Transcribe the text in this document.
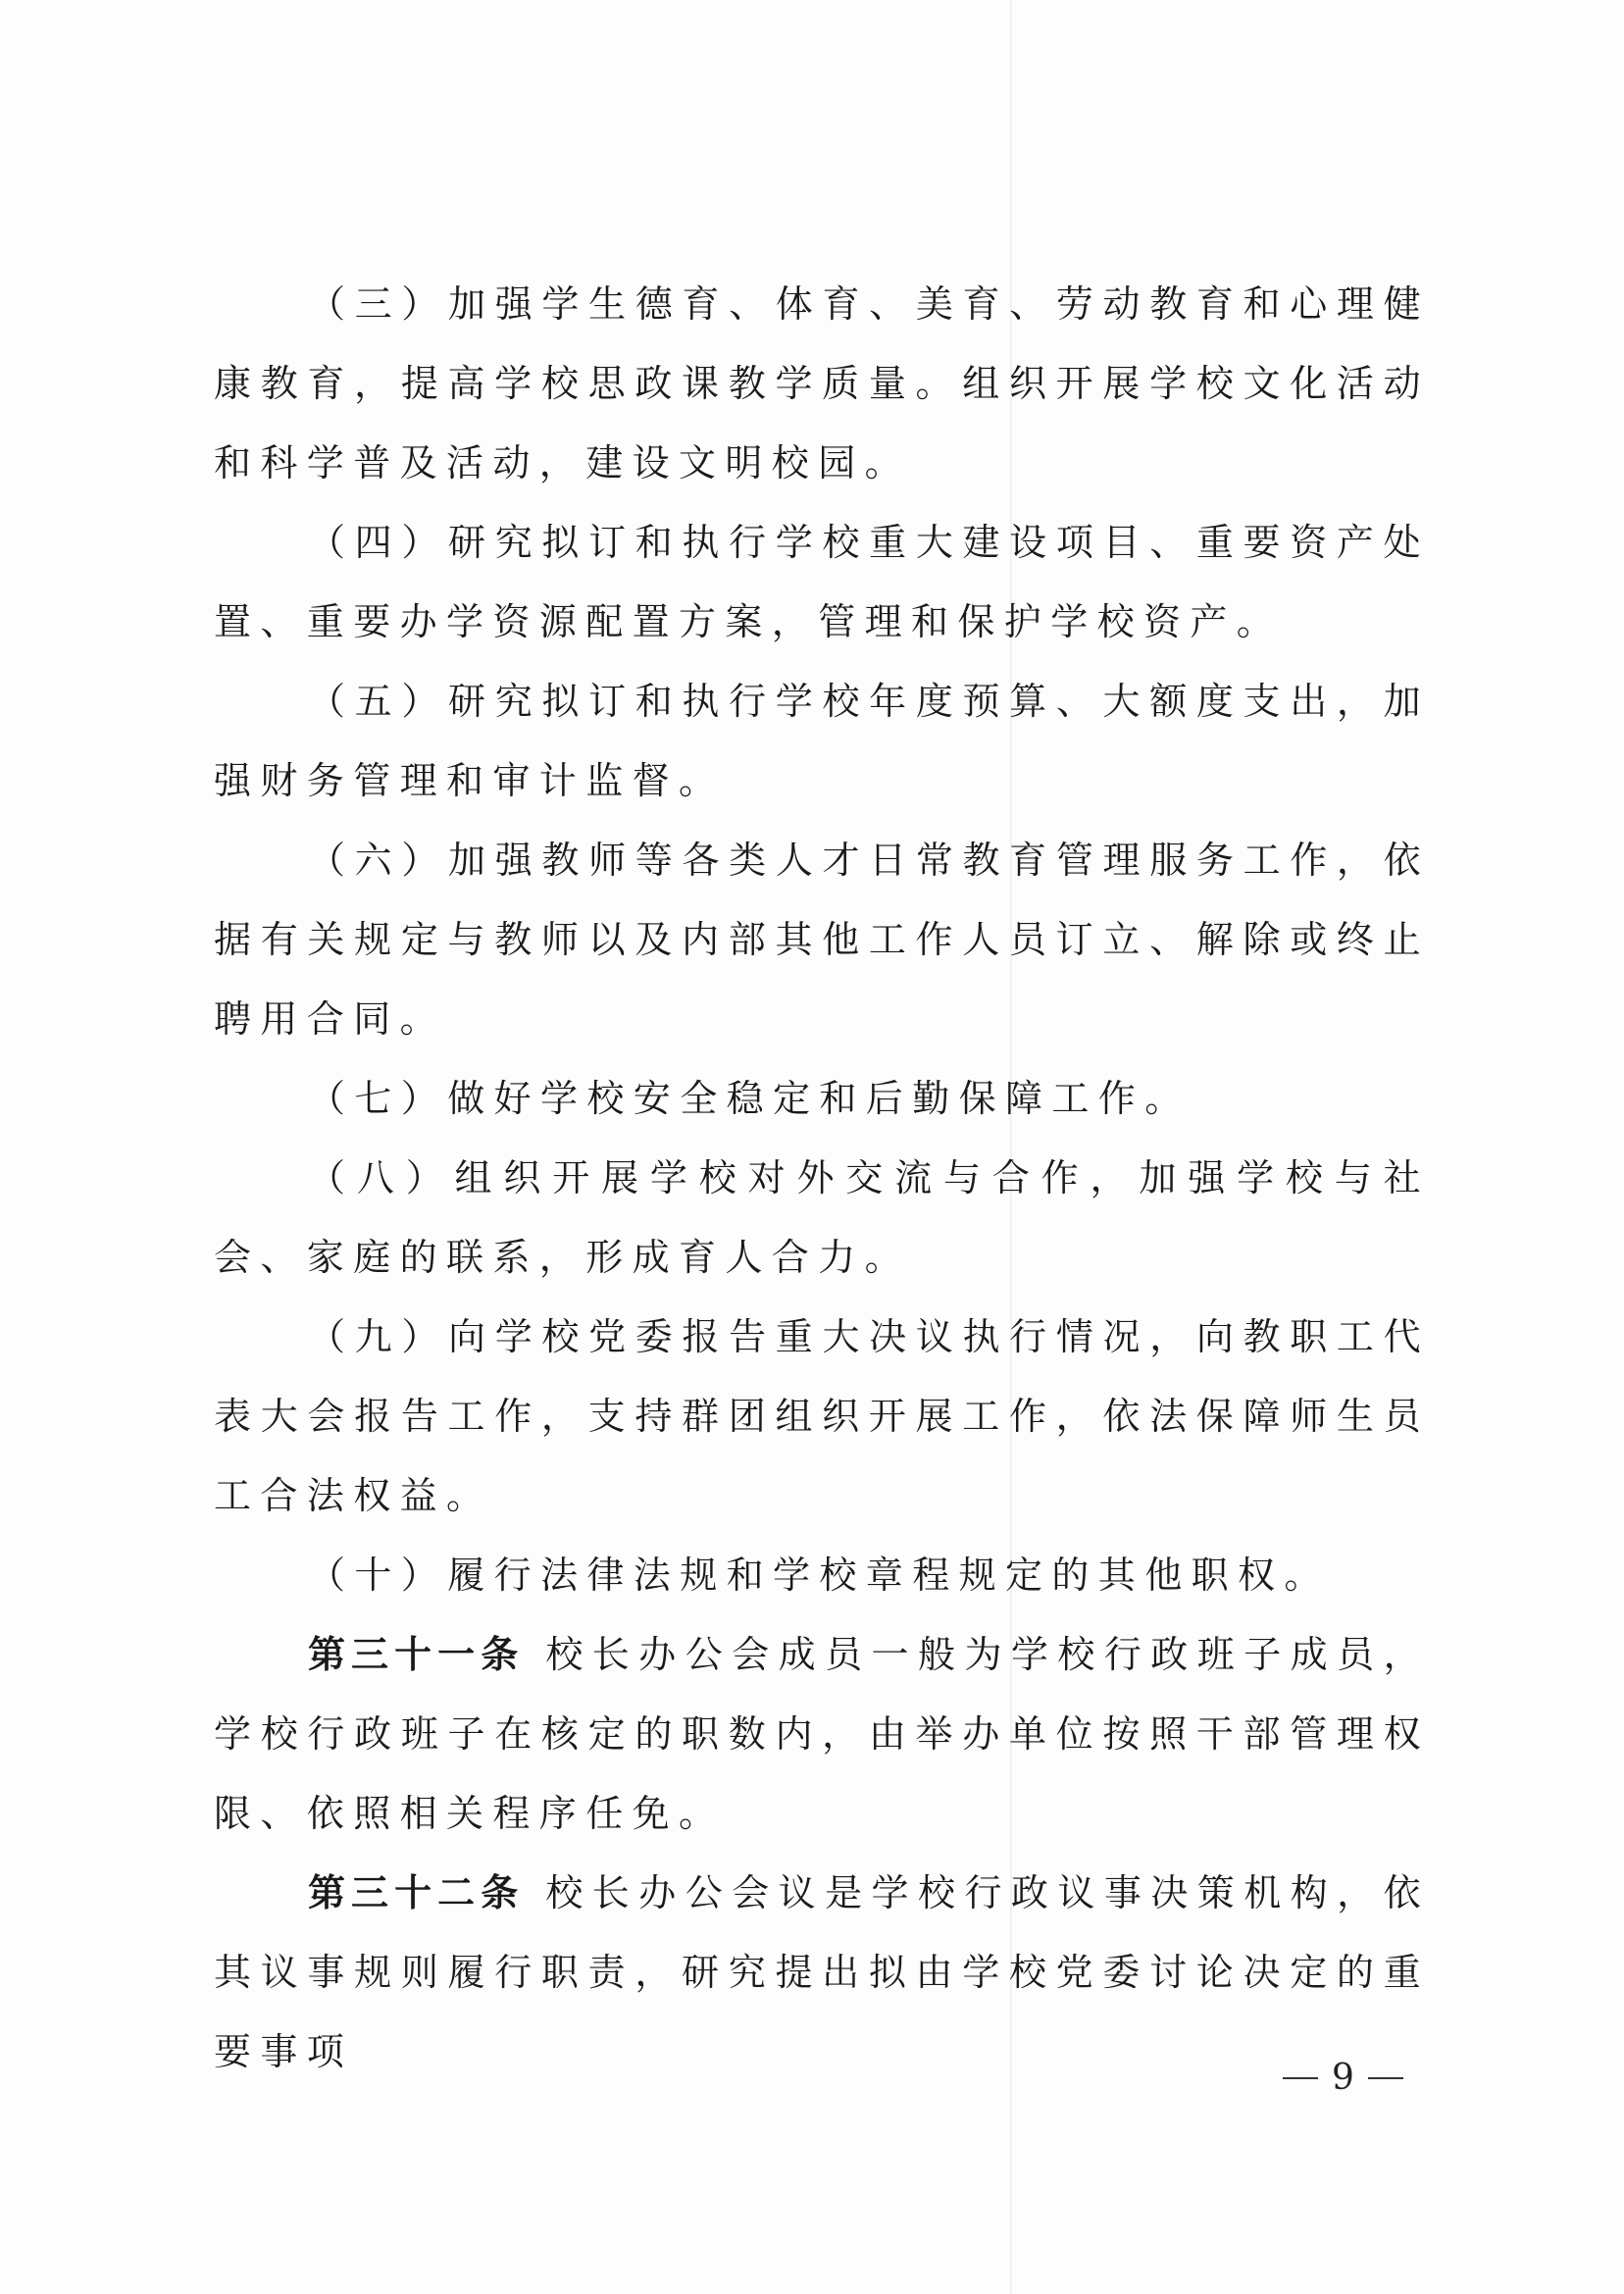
（三）加强学生德育、体育、美育、劳动教育和心理健康教育，提高学校思政课教学质量。组织开展学校文化活动和科学普及活动，建设文明校园。

（四）研究拟订和执行学校重大建设项目、重要资产处置、重要办学资源配置方案，管理和保护学校资产。

（五）研究拟订和执行学校年度预算、大额度支出，加强财务管理和审计监督。

（六）加强教师等各类人才日常教育管理服务工作，依据有关规定与教师以及内部其他工作人员订立、解除或终止聘用合同。

（七）做好学校安全稳定和后勤保障工作。

（八）组织开展学校对外交流与合作，加强学校与社会、家庭的联系，形成育人合力。

（九）向学校党委报告重大决议执行情况，向教职工代表大会报告工作，支持群团组织开展工作，依法保障师生员工合法权益。

（十）履行法律法规和学校章程规定的其他职权。

第三十一条 校长办公会成员一般为学校行政班子成员，学校行政班子在核定的职数内，由举办单位按照干部管理权限、依照相关程序任免。

第三十二条 校长办公会议是学校行政议事决策机构，依其议事规则履行职责，研究提出拟由学校党委讨论决定的重要事项

9
